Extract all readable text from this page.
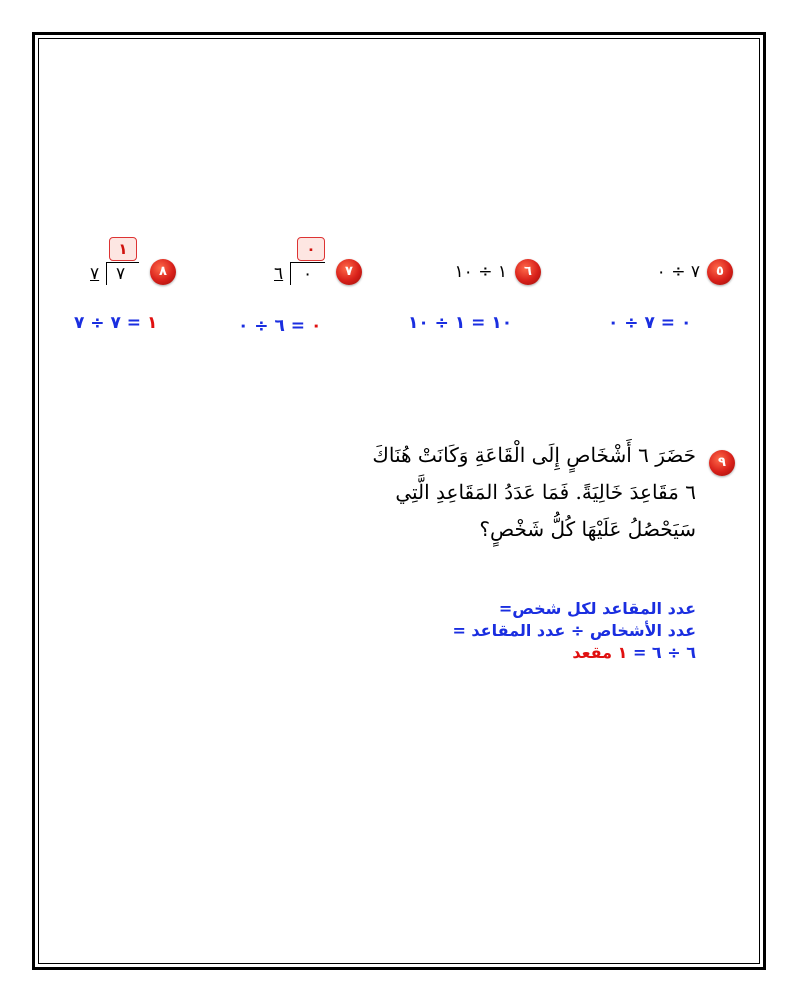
٥
٧ ÷ ٠
٠ = ٧ ÷ ٠
٦
١ ÷ ١٠
١٠ = ١ ÷ ١٠
٧
٠
٦ ٠
٠ = ٦ ÷ ٠
٨
١
٧ ٧
١ = ٧ ÷ ٧
٩
حَضَرَ ٦ أَشْخَاصٍ إِلَى الْقَاعَةِ وَكَانَتْ هُنَاكَ
٦ مَقَاعِدَ خَالِيَةً. فَمَا عَدَدُ المَقَاعِدِ الَّتِي
سَيَحْصُلُ عَلَيْهَا كُلُّ شَخْصٍ؟
عدد المقاعد لكل شخص=
عدد الأشخاص ÷ عدد المقاعد =
٦ ÷ ٦ = ١ مقعد
